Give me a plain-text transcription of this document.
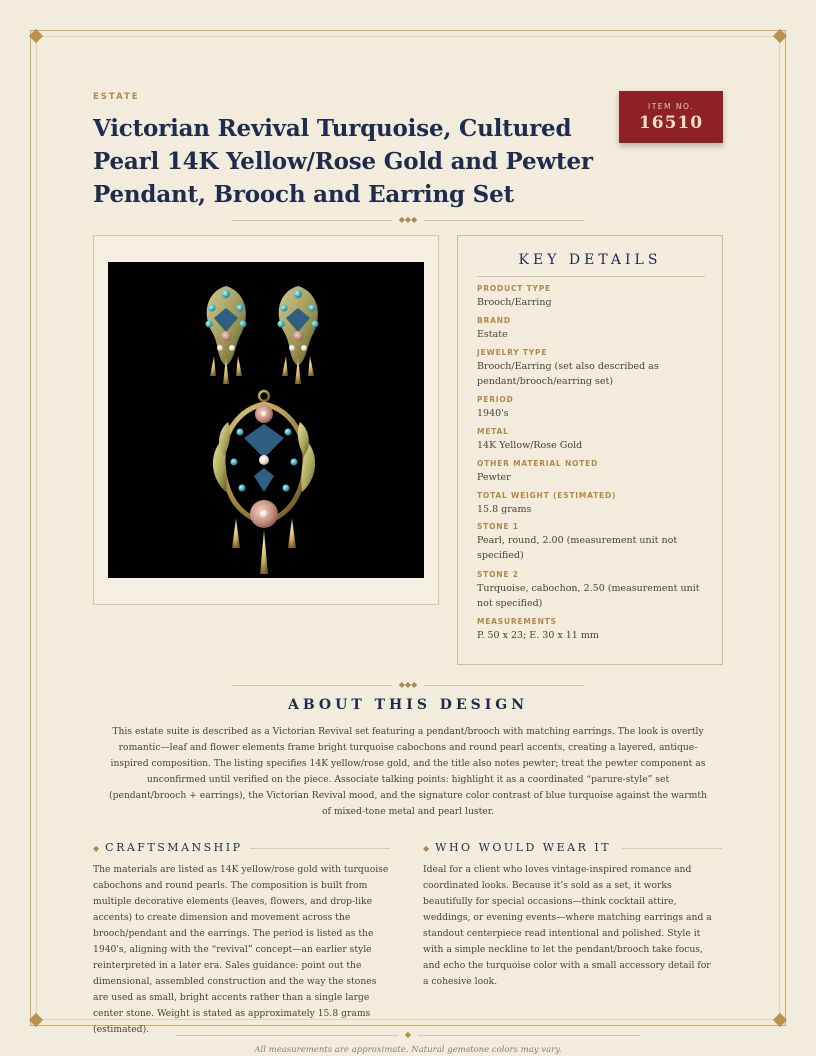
ESTATE
Victorian Revival Turquoise, Cultured Pearl 14K Yellow/Rose Gold and Pewter Pendant, Brooch and Earring Set
ITEM NO.
16510
◆◆◆
KEY DETAILS
PRODUCT TYPE
Brooch/Earring
BRAND
Estate
JEWELRY TYPE
Brooch/Earring (set also described as pendant/brooch/earring set)
PERIOD
1940's
METAL
14K Yellow/Rose Gold
OTHER MATERIAL NOTED
Pewter
TOTAL WEIGHT (ESTIMATED)
15.8 grams
STONE 1
Pearl, round, 2.00 (measurement unit not specified)
STONE 2
Turquoise, cabochon, 2.50 (measurement unit not specified)
MEASUREMENTS
P. 50 x 23; E. 30 x 11 mm
◆◆◆
ABOUT THIS DESIGN

This estate suite is described as a Victorian Revival set featuring a pendant/brooch with matching earrings. The look is overtly romantic—leaf and flower elements frame bright turquoise cabochons and round pearl accents, creating a layered, antique-inspired composition. The listing specifies 14K yellow/rose gold, and the title also notes pewter; treat the pewter component as unconfirmed until verified on the piece. Associate talking points: highlight it as a coordinated “parure-style” set (pendant/brooch + earrings), the Victorian Revival mood, and the signature color contrast of blue turquoise against the warmth of mixed-tone metal and pearl luster.

◆ CRAFTSMANSHIP

The materials are listed as 14K yellow/rose gold with turquoise cabochons and round pearls. The composition is built from multiple decorative elements (leaves, flowers, and drop-like accents) to create dimension and movement across the brooch/pendant and the earrings. The period is listed as the 1940's, aligning with the “revival” concept—an earlier style reinterpreted in a later era. Sales guidance: point out the dimensional, assembled construction and the way the stones are used as small, bright accents rather than a single large center stone. Weight is stated as approximately 15.8 grams (estimated).

◆ WHO WOULD WEAR IT

Ideal for a client who loves vintage-inspired romance and coordinated looks. Because it’s sold as a set, it works beautifully for special occasions—think cocktail attire, weddings, or evening events—where matching earrings and a standout centerpiece read intentional and polished. Style it with a simple neckline to let the pendant/brooch take focus, and echo the turquoise color with a small accessory detail for a cohesive look.

◆
All measurements are approximate. Natural gemstone colors may vary.
